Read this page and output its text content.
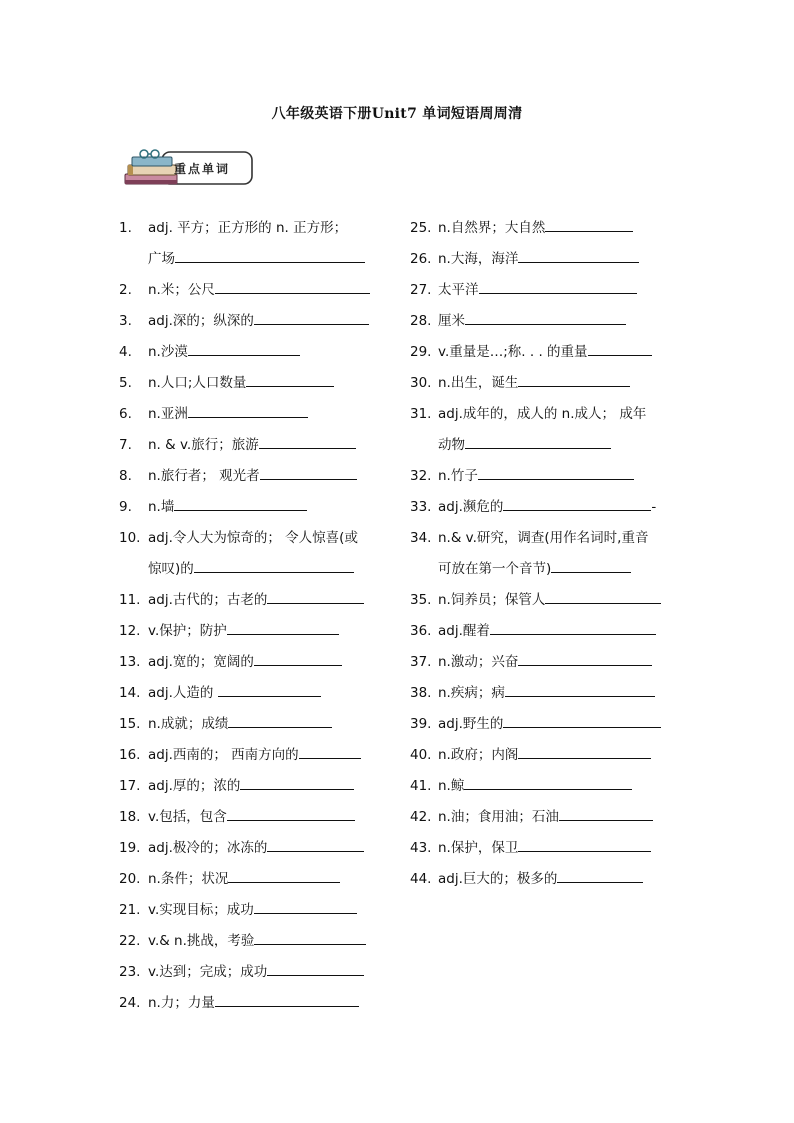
八年级英语下册Unit7 单词短语周周清
重点单词
1.	adj. 平方；正方形的 n. 正方形；
广场
2.	n.米；公尺
3.	adj.深的；纵深的
4.	n.沙漠
5.	n.人口;人口数量
6.	n.亚洲
7.	n. & v.旅行；旅游
8.	n.旅行者； 观光者
9.	n.墙
10. adj.令人大为惊奇的； 令人惊喜(或
惊叹)的
11. adj.古代的；古老的
12. v.保护；防护
13. adj.宽的；宽阔的
14. adj.人造的
15. n.成就；成绩
16. adj.西南的； 西南方向的
17. adj.厚的；浓的
18. v.包括，包含
19. adj.极冷的；冰冻的
20. n.条件；状况
21. v.实现目标；成功
22. v.& n.挑战，考验
23. v.达到；完成；成功
24. n.力；力量
25. n.自然界；大自然
26. n.大海，海洋
27. 太平洋
28. 厘米
29. v.重量是…;称. . . 的重量
30. n.出生，诞生
31. adj.成年的，成人的 n.成人； 成年
动物
32. n.竹子
33. adj.濒危的	-
34. n.& v.研究，调查(用作名词时,重音
可放在第一个音节)
35. n.饲养员；保管人
36. adj.醒着
37. n.激动；兴奋
38. n.疾病；病
39. adj.野生的
40. n.政府；内阁
41. n.鲸
42. n.油；食用油；石油
43. n.保护，保卫
44. adj.巨大的；极多的
